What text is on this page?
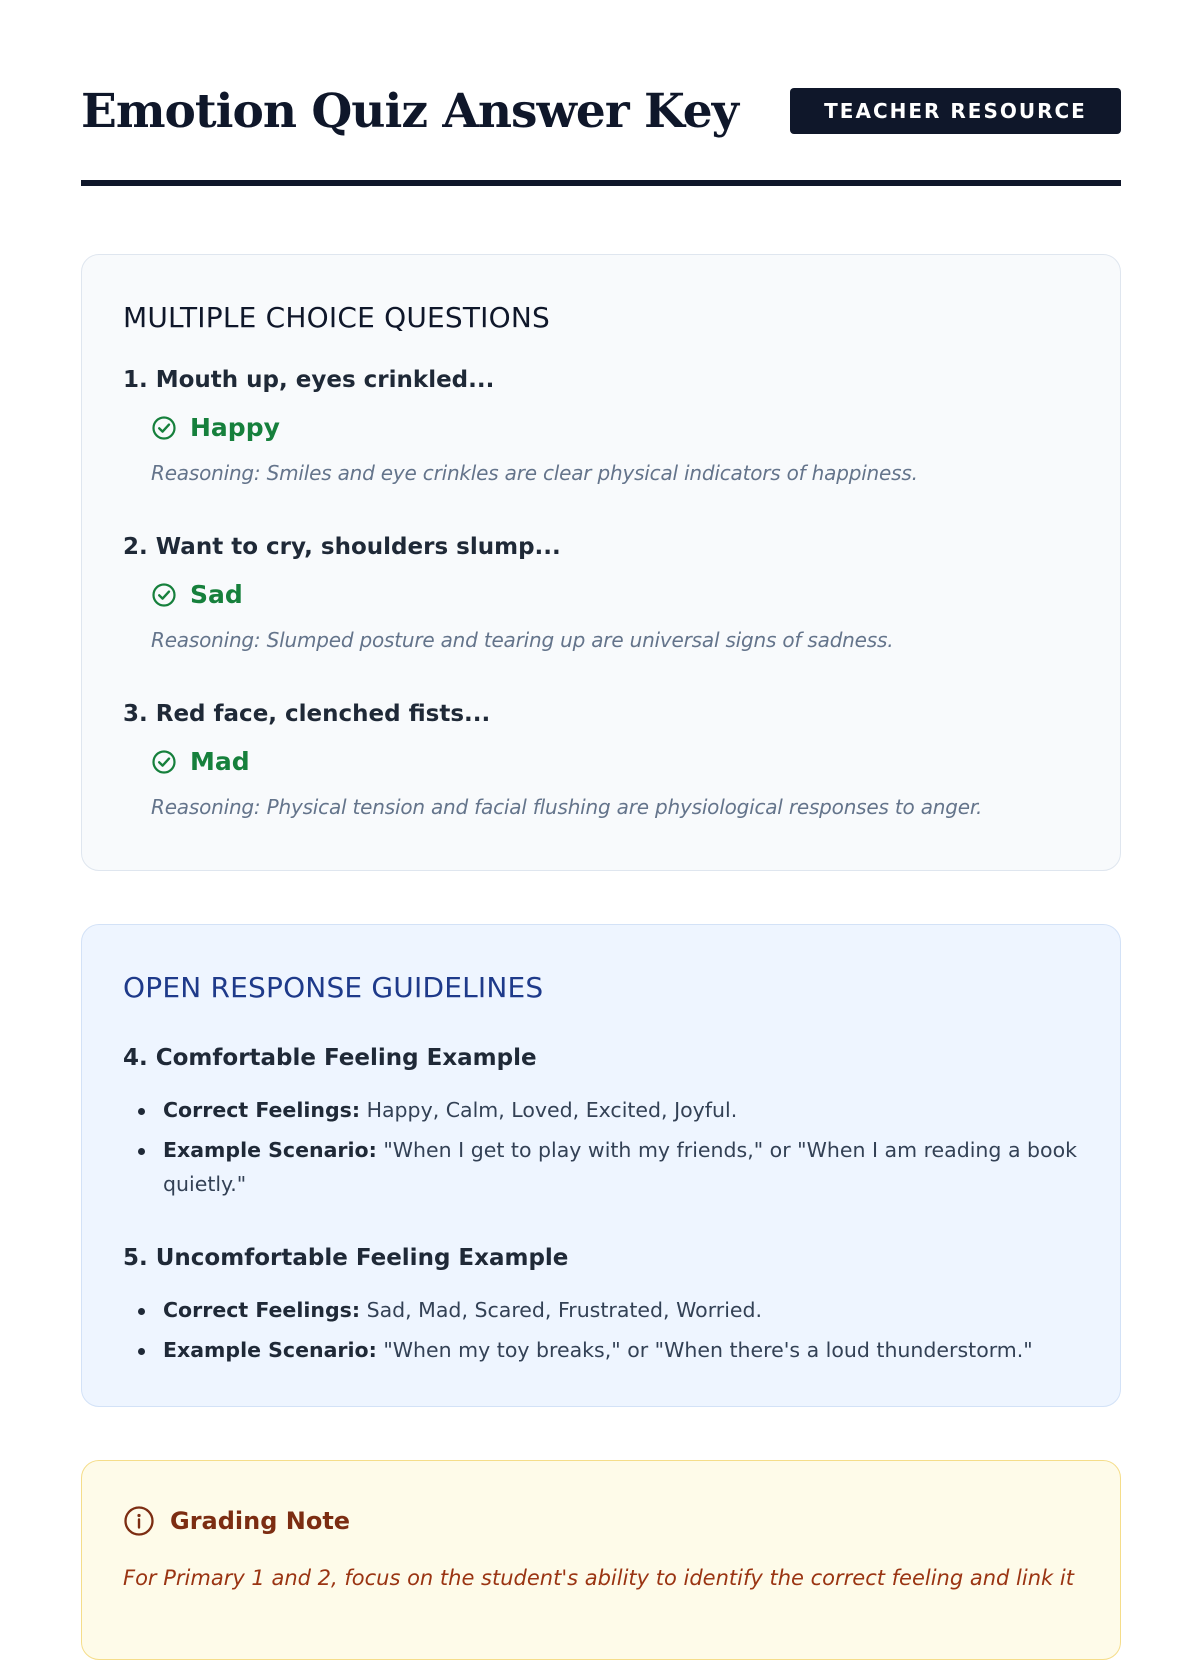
Emotion Quiz Answer Key	TEACHER RESOURCE
MULTIPLE CHOICE QUESTIONS
1. Mouth up, eyes crinkled...
Happy
Reasoning: Smiles and eye crinkles are clear physical indicators of happiness.
2. Want to cry, shoulders slump...
Sad
Reasoning: Slumped posture and tearing up are universal signs of sadness.
3. Red face, clenched fists...
Mad
Reasoning: Physical tension and facial flushing are physiological responses to anger.
OPEN RESPONSE GUIDELINES
4. Comfortable Feeling Example
Correct Feelings: Happy, Calm, Loved, Excited, Joyful.
Example Scenario: "When I get to play with my friends," or "When I am reading a book quietly."
5. Uncomfortable Feeling Example
Correct Feelings: Sad, Mad, Scared, Frustrated, Worried.
Example Scenario: "When my toy breaks," or "When there's a loud thunderstorm."
Grading Note

For Primary 1 and 2, focus on the student's ability to identify the correct feeling and link it
